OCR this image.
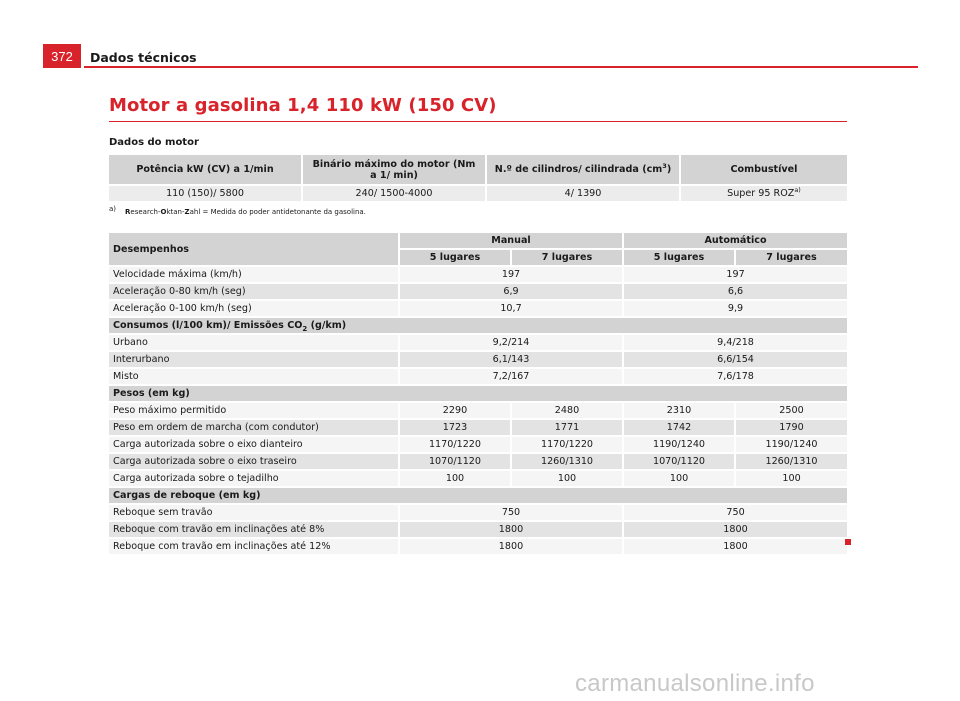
372	Dados técnicos
Motor a gasolina 1,4 110 kW (150 CV)
Dados do motor
Potência kW (CV) a 1/min	Binário máximo do motor (Nm a 1/ min)	N.º de cilindros/ cilindrada $(cm^3)$	Combustível
110 (150)/ 5800	240/ 1500-4000	4/ 1390	Super 95 ROZ$^{a)}$
a) Research-Oktan-Zahl = Medida do poder antidetonante da gasolina.
Desempenhos	Manual		Automático	
	5 lugares	7 lugares	5 lugares	7 lugares
Velocidade máxima (km/h)	197		197	
Aceleração 0-80 km/h (seg)	6,9		6,6	
Aceleração 0-100 km/h (seg)	10,7		9,9	
Consumos (l/100 km)/ Emissões $CO_2$ (g/km)				
Urbano	9,2/214		9,4/218	
Interurbano	6,1/143		6,6/154	
Misto	7,2/167		7,6/178	
Pesos (em kg)				
Peso máximo permitido	2290	2480	2310	2500
Peso em ordem de marcha (com condutor)	1723	1771	1742	1790
Carga autorizada sobre o eixo dianteiro	1170/1220	1170/1220	1190/1240	1190/1240
Carga autorizada sobre o eixo traseiro	1070/1120	1260/1310	1070/1120	1260/1310
Carga autorizada sobre o tejadilho	100	100	100	100
Cargas de reboque (em kg)				
Reboque sem travão	750		750	
Reboque com travão em inclinações até 8%	1800		1800	
Reboque com travão em inclinações até 12%	1800		1800	
carmanualsonline.info
